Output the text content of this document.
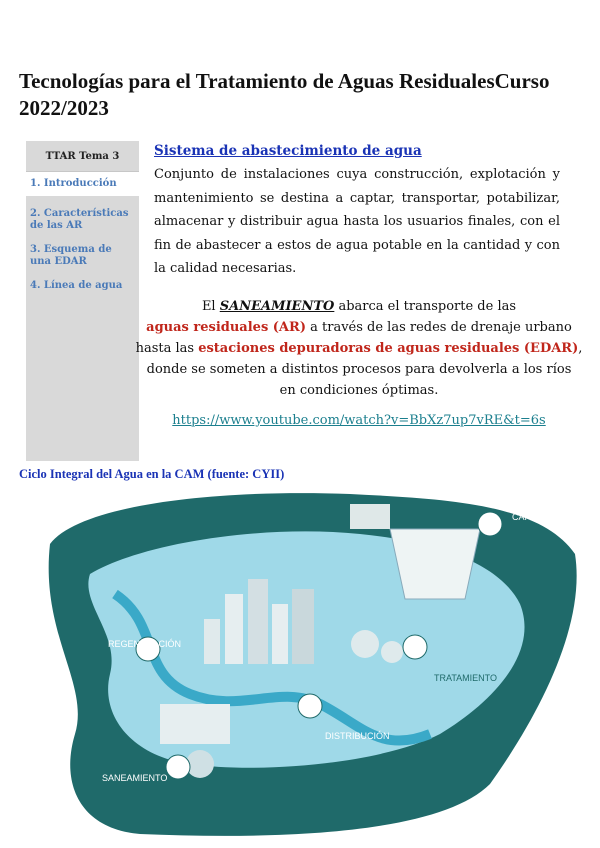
Tecnologías para el Tratamiento de Aguas ResidualesCurso 2022/2023
TTAR Tema 3
1. Introducción
2. Características de las AR
3. Esquema de una EDAR
4. Línea de agua
Sistema de abastecimiento de agua
Conjunto de instalaciones cuya construcción, explotación y mantenimiento se destina a captar, transportar, potabilizar, almacenar y distribuir agua hasta los usuarios finales, con el fin de abastecer a estos de agua potable en la cantidad y con la calidad necesarias.
El SANEAMIENTO abarca el transporte de las
aguas residuales (AR) a través de las redes de drenaje urbano
hasta las estaciones depuradoras de aguas residuales (EDAR),
donde se someten a distintos procesos para devolverla a los ríos
en condiciones óptimas.
https://www.youtube.com/watch?v=BbXz7up7vRE&t=6s
Ciclo Integral del Agua en la CAM (fuente: CYII)
CAPTACIÓN
TRATAMIENTO
DISTRIBUCIÓN
REGENERACIÓN
SANEAMIENTO
